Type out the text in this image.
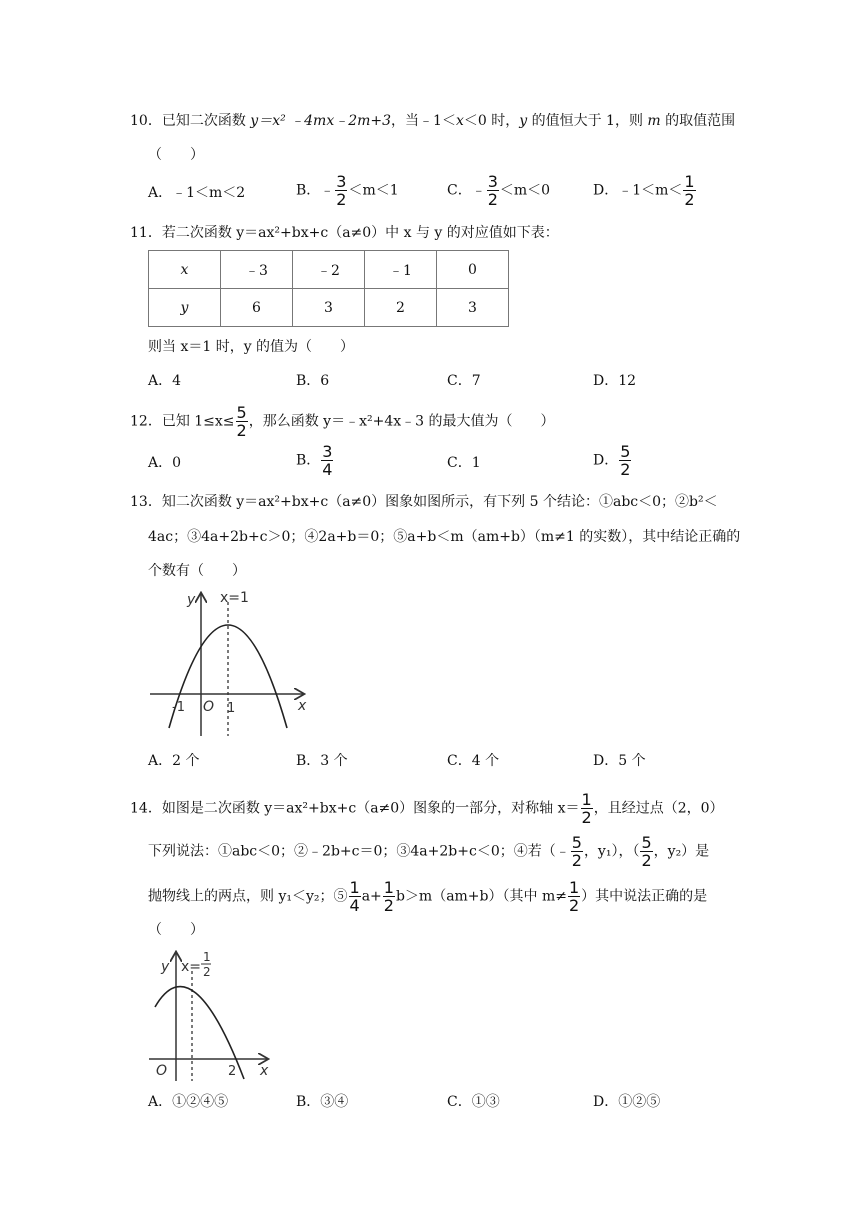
10．已知二次函数 y＝x² ﹣4mx﹣2m+3，当﹣1＜x＜0 时，y 的值恒大于 1，则 m 的取值范围
（　　）
A．﹣1＜m＜2	B．﹣ $\frac{3}{2} <m<1$	C．﹣ $\frac{3}{2} <m<0$	D．﹣1＜m＜ $\frac{1}{2}$
11．若二次函数 y＝ax²+bx+c（a≠0）中 x 与 y 的对应值如下表：
x	﹣3	﹣2	﹣1	0
y	6	3	2	3
则当 x＝1 时，y 的值为（　　）
A．4	B．6	C．7	D．12
12．已知 $1\le x\le \frac{5}{2}$ ，那么函数 y＝﹣x²+4x﹣3 的最大值为（　　）
A．0	B． $\frac{3}{4}$	C．1	D． $\frac{5}{2}$
13．知二次函数 y＝ax²+bx+c（a≠0）图象如图所示，有下列 5 个结论：①abc＜0；②b²＜
4ac；③4a+2b+c＞0；④2a+b＝0；⑤a+b＜m（am+b）（m≠1 的实数），其中结论正确的
个数有（　　）
y
x
x=1
O
-1	1
A．2 个	B．3 个	C．4 个	D．5 个
14．如图是二次函数 y＝ax²+bx+c（a≠0）图象的一部分，对称轴 $x= \frac{1}{2}$ ，且经过点（2，0）
下列说法：①abc＜0；②﹣2b+c＝0；③4a+2b+c＜0；④若（﹣ $\frac{5}{2}$ ，y₁），（ $\frac{5}{2}$ ，y₂）是
抛物线上的两点，则 y₁＜y₂；⑤ $\frac{1}{4} a+ \frac{1}{2} b>m(am+b)$（其中 $m\ne \frac{1}{2}$ ）其中说法正确的是
（　　）
y
x
x=
1
2
O	2
A．①②④⑤	B．③④	C．①③	D．①②⑤
